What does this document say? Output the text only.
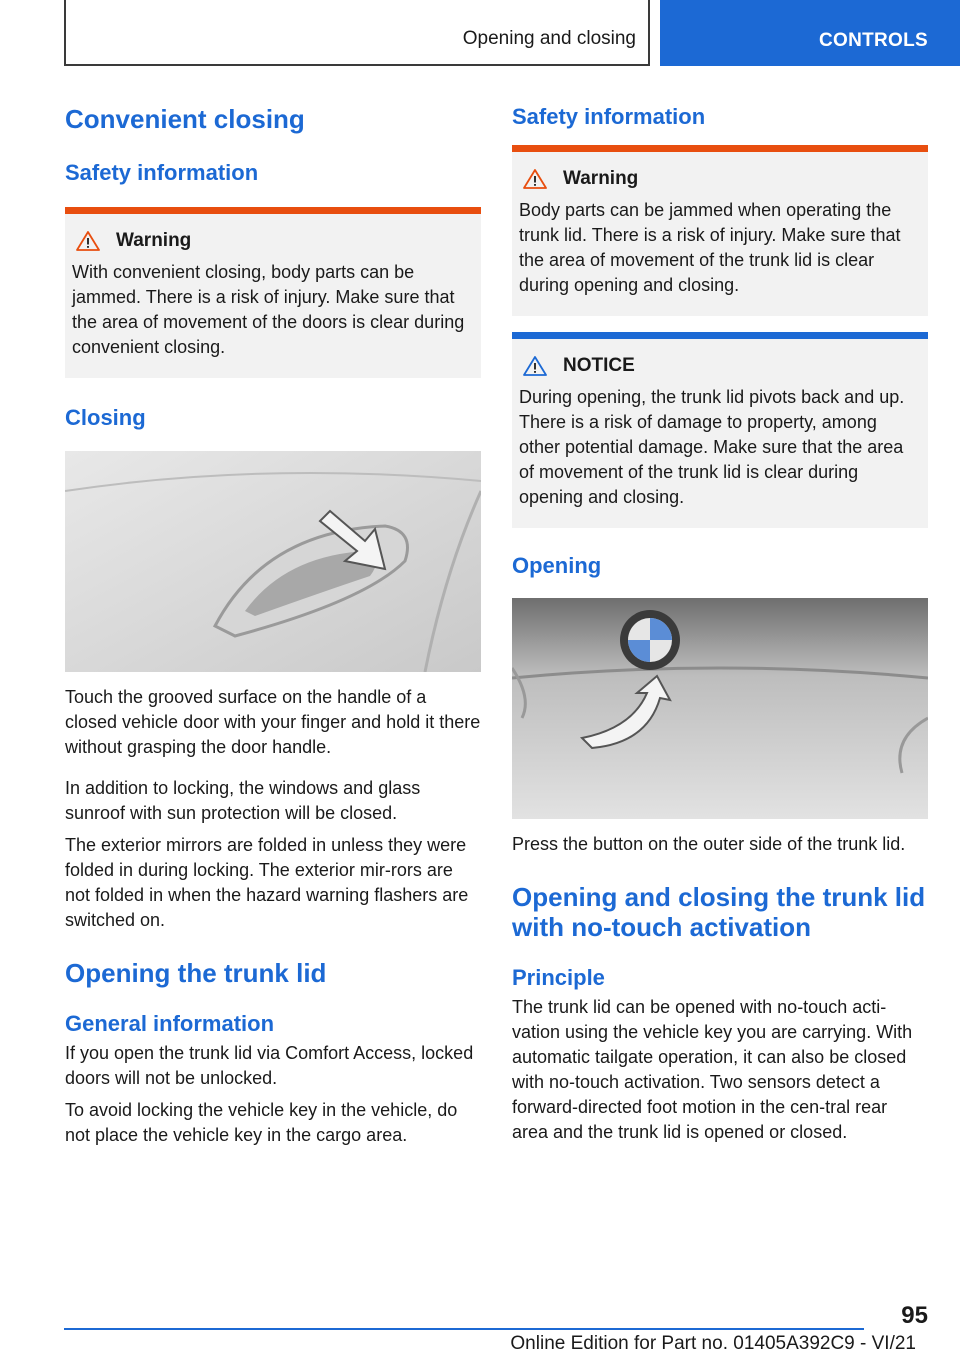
Opening and closing	CONTROLS
Convenient closing
Safety information
Warning

With convenient closing, body parts can be jammed. There is a risk of injury. Make sure that the area of movement of the doors is clear during convenient closing.

Closing

Touch the grooved surface on the handle of a closed vehicle door with your finger and hold it there without grasping the door handle.

In addition to locking, the windows and glass sunroof with sun protection will be closed.

The exterior mirrors are folded in unless they were folded in during locking. The exterior mir‐rors are not folded in when the hazard warning flashers are switched on.

Opening the trunk lid
General information

If you open the trunk lid via Comfort Access, locked doors will not be unlocked.

To avoid locking the vehicle key in the vehicle, do not place the vehicle key in the cargo area.

Safety information
Warning

Body parts can be jammed when operating the trunk lid. There is a risk of injury. Make sure that the area of movement of the trunk lid is clear during opening and closing.

NOTICE

During opening, the trunk lid pivots back and up. There is a risk of damage to property, among other potential damage. Make sure that the area of movement of the trunk lid is clear during opening and closing.

Opening

Press the button on the outer side of the trunk lid.

Opening and closing the trunk lid with no‐touch activation
Principle

The trunk lid can be opened with no‐touch acti‐vation using the vehicle key you are carrying. With automatic tailgate operation, it can also be closed with no‐touch activation. Two sensors detect a forward‐directed foot motion in the cen‐tral rear area and the trunk lid is opened or closed.

95
Online Edition for Part no. 01405A392C9 - VI/21
